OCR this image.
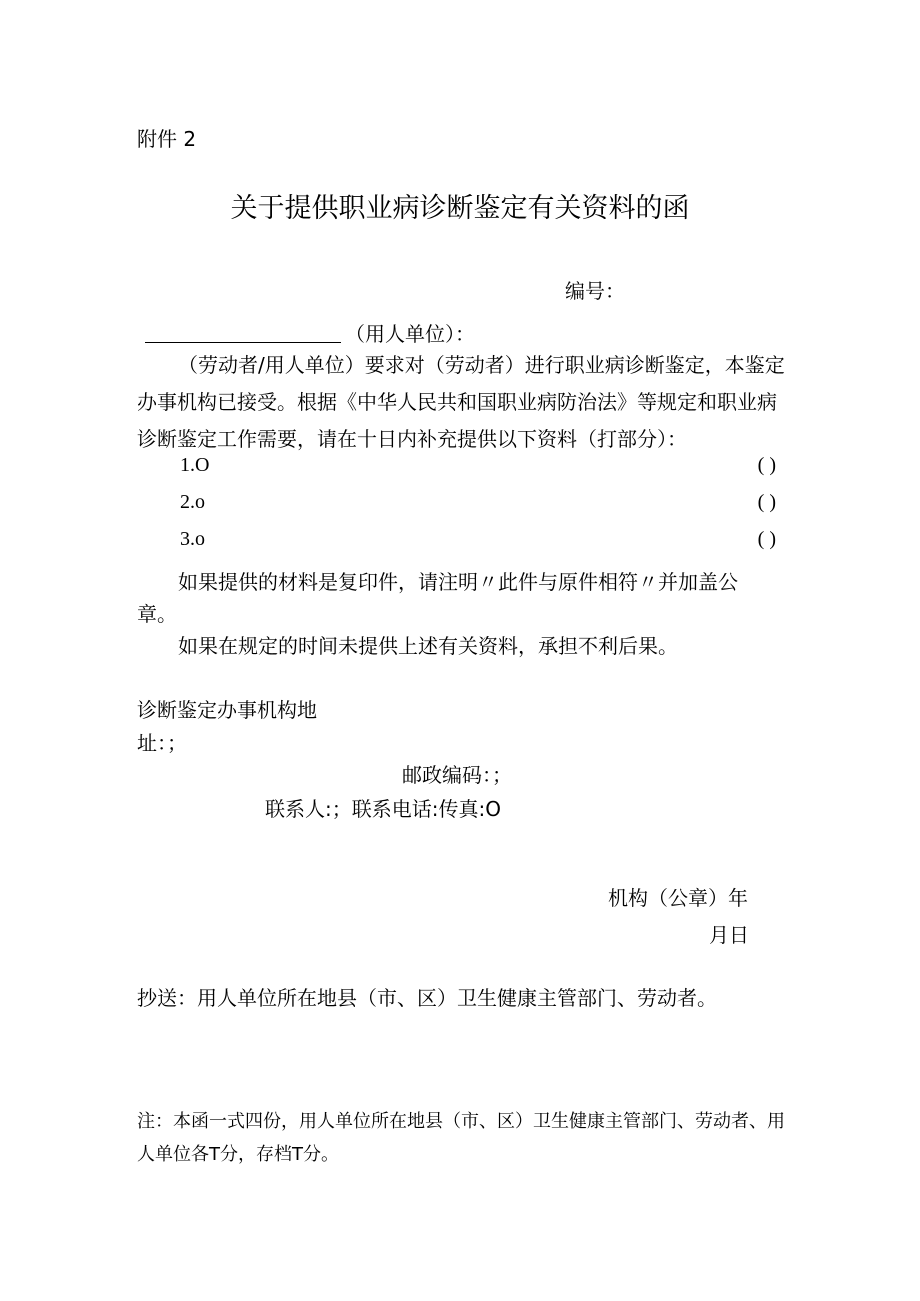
附件 2
关于提供职业病诊断鉴定有关资料的函
编号：
（用人单位）：
（劳动者/用人单位）要求对（劳动者）进行职业病诊断鉴定，本鉴定办事机构已接受。根据《中华人民共和国职业病防治法》等规定和职业病诊断鉴定工作需要，请在十日内补充提供以下资料（打部分）：
1.O	( )
2.o	( )
3.o	( )
如果提供的材料是复印件，请注明〃此件与原件相符〃并加盖公
章。
如果在规定的时间未提供上述有关资料，承担不利后果。
诊断鉴定办事机构地
址：；
邮政编码：；
联系人:；联系电话:传真:O
机构（公章）年
月日
抄送：用人单位所在地县（市、区）卫生健康主管部门、劳动者。
注：本函一式四份，用人单位所在地县（市、区）卫生健康主管部门、劳动者、用人单位各T分，存档T分。
